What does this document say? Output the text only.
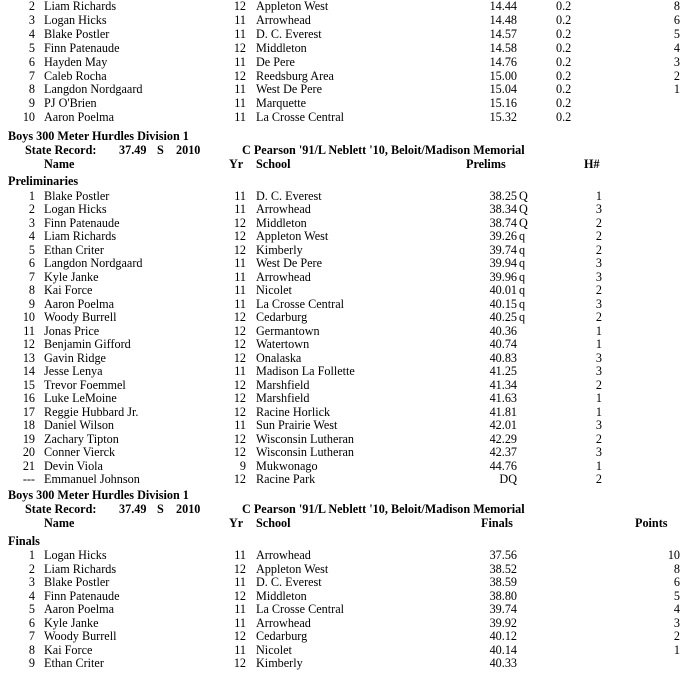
2 Liam Richards	12 Appleton West	14.44	0.2	8
3 Logan Hicks	11 Arrowhead	14.48	0.2	6
4 Blake Postler	11 D. C. Everest	14.57	0.2	5
5 Finn Patenaude	12 Middleton	14.58	0.2	4
6 Hayden May	11 De Pere	14.76	0.2	3
7 Caleb Rocha	12 Reedsburg Area	15.00	0.2	2
8 Langdon Nordgaard	11 West De Pere	15.04	0.2	1
9 PJ O'Brien	11 Marquette	15.16	0.2
10 Aaron Poelma	11 La Crosse Central	15.32	0.2
Boys 300 Meter Hurdles Division 1
State Record: 37.49 S 2010	C Pearson '91/L Neblett '10, Beloit/Madison Memorial
Name	Yr School	Prelims	H#
Preliminaries
1 Blake Postler	11 D. C. Everest	38.25 Q	1
2 Logan Hicks	11 Arrowhead	38.34 Q	3
3 Finn Patenaude	12 Middleton	38.74 Q	2
4 Liam Richards	12 Appleton West	39.26 q	2
5 Ethan Criter	12 Kimberly	39.74 q	2
6 Langdon Nordgaard	11 West De Pere	39.94 q	3
7 Kyle Janke	11 Arrowhead	39.96 q	3
8 Kai Force	11 Nicolet	40.01 q	2
9 Aaron Poelma	11 La Crosse Central	40.15 q	3
10 Woody Burrell	12 Cedarburg	40.25 q	2
11 Jonas Price	12 Germantown	40.36	1
12 Benjamin Gifford	12 Watertown	40.74	1
13 Gavin Ridge	12 Onalaska	40.83	3
14 Jesse Lenya	11 Madison La Follette	41.25	3
15 Trevor Foemmel	12 Marshfield	41.34	2
16 Luke LeMoine	12 Marshfield	41.63	1
17 Reggie Hubbard Jr.	12 Racine Horlick	41.81	1
18 Daniel Wilson	11 Sun Prairie West	42.01	3
19 Zachary Tipton	12 Wisconsin Lutheran	42.29	2
20 Conner Vierck	12 Wisconsin Lutheran	42.37	3
21 Devin Viola	9 Mukwonago	44.76	1
--- Emmanuel Johnson	12 Racine Park	DQ	2
Boys 300 Meter Hurdles Division 1
State Record: 37.49 S 2010	C Pearson '91/L Neblett '10, Beloit/Madison Memorial
Name	Yr School	Finals	Points
Finals
1 Logan Hicks	11 Arrowhead	37.56	10
2 Liam Richards	12 Appleton West	38.52	8
3 Blake Postler	11 D. C. Everest	38.59	6
4 Finn Patenaude	12 Middleton	38.80	5
5 Aaron Poelma	11 La Crosse Central	39.74	4
6 Kyle Janke	11 Arrowhead	39.92	3
7 Woody Burrell	12 Cedarburg	40.12	2
8 Kai Force	11 Nicolet	40.14	1
9 Ethan Criter	12 Kimberly	40.33
